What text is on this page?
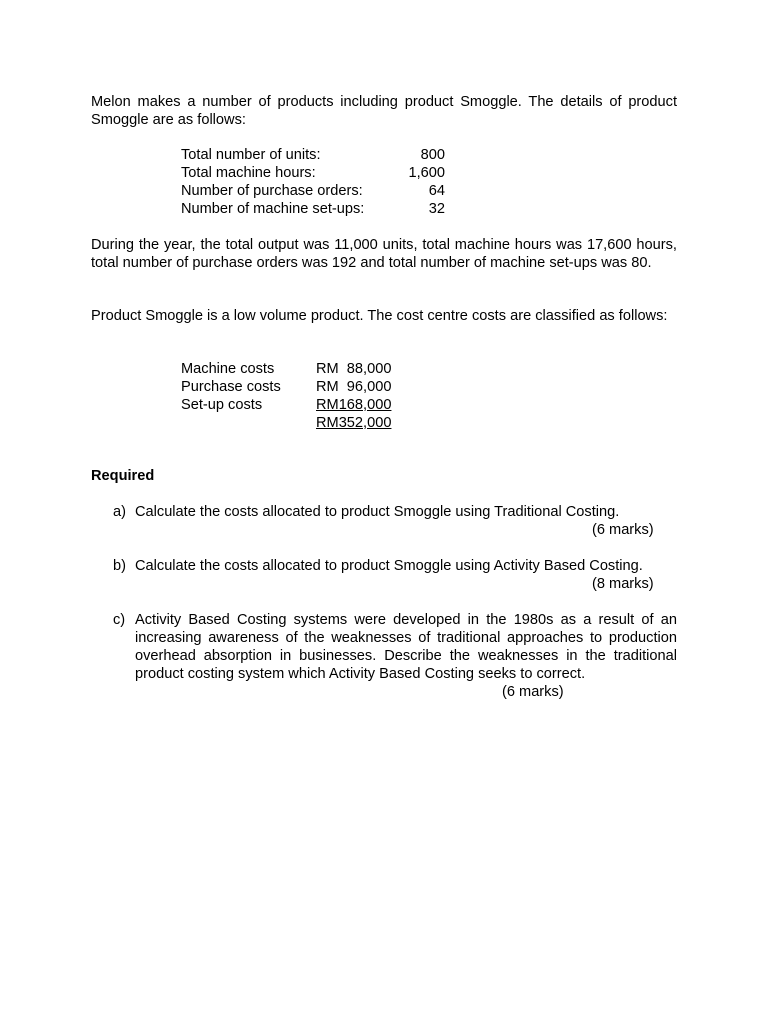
Melon makes a number of products including product Smoggle. The details of product Smoggle are as follows:

Total number of units:	800
Total machine hours:	1,600
Number of purchase orders:	64
Number of machine set-ups:	32

During the year, the total output was 11,000 units, total machine hours was 17,600 hours, total number of purchase orders was 192 and total number of machine set-ups was 80.

Product Smoggle is a low volume product. The cost centre costs are classified as follows:

Machine costs	RM  88,000
Purchase costs	RM  96,000
Set-up costs	RM168,000
	RM352,000

Required

a) Calculate the costs allocated to product Smoggle using Traditional Costing.

(6 marks)
b) Calculate the costs allocated to product Smoggle using Activity Based Costing.

(8 marks)
c) Activity Based Costing systems were developed in the 1980s as a result of an increasing awareness of the weaknesses of traditional approaches to production overhead absorption in businesses. Describe the weaknesses in the traditional product costing system which Activity Based Costing seeks to correct.

(6 marks)
